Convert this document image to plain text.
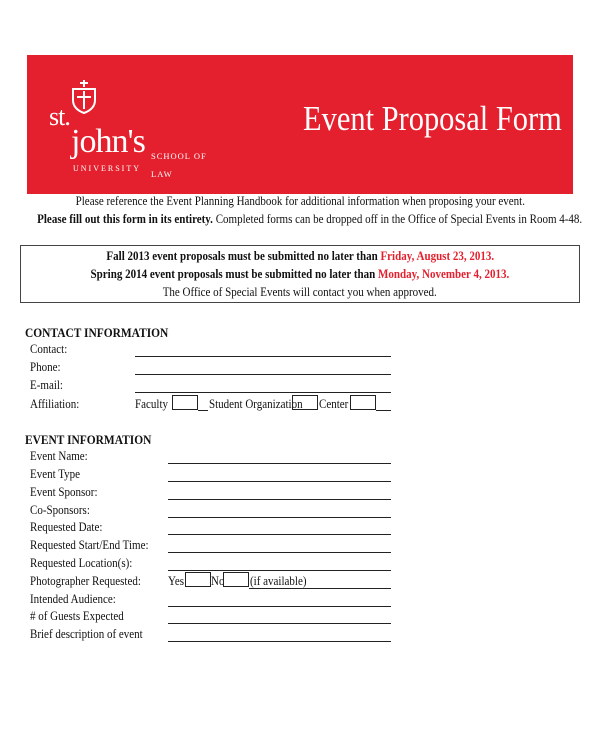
st.
john's
UNIVERSITY
SCHOOL OF LAW
Event Proposal Form
Please reference the Event Planning Handbook for additional information when proposing your event.
Please fill out this form in its entirety. Completed forms can be dropped off in the Office of Special Events in Room 4-48.
Fall 2013 event proposals must be submitted no later than Friday, August 23, 2013.
Spring 2014 event proposals must be submitted no later than Monday, November 4, 2013.
The Office of Special Events will contact you when approved.
CONTACT INFORMATION
Contact:
Phone:
E-mail:
Affiliation:	Faculty	Student Organization Center
EVENT INFORMATION
Event Name:
Event Type
Event Sponsor:
Co-Sponsors:
Requested Date:
Requested Start/End Time:
Requested Location(s):
Photographer Requested: Yes No (if available)
Intended Audience:
# of Guests Expected
Brief description of event
